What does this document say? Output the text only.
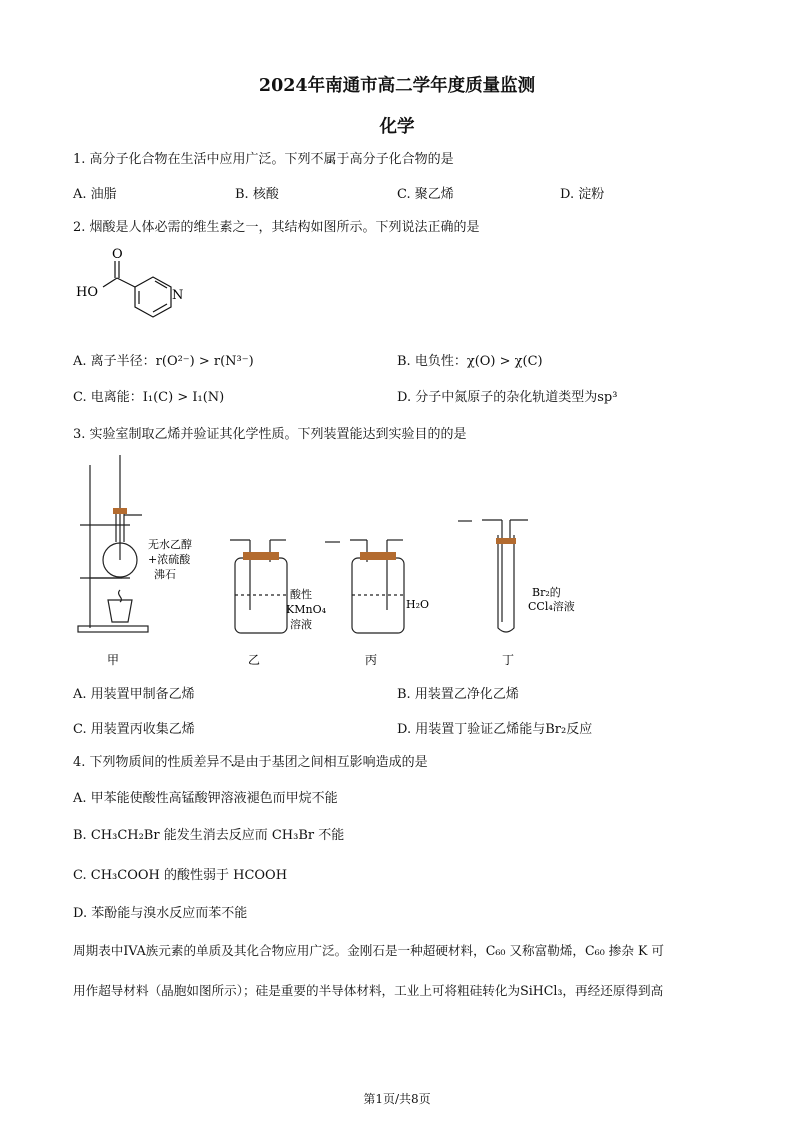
2024年南通市高二学年度质量监测
化学
1. 高分子化合物在生活中应用广泛。下列不属于高分子化合物的是
A. 油脂	B. 核酸	C. 聚乙烯	D. 淀粉
2. 烟酸是人体必需的维生素之一，其结构如图所示。下列说法正确的是
O
HO	N
A. 离子半径：r(O²⁻) > r(N³⁻)	B. 电负性：χ(O) > χ(C)
C. 电离能：I₁(C) > I₁(N)	D. 分子中氮原子的杂化轨道类型为sp³
3. 实验室制取乙烯并验证其化学性质。下列装置能达到实验目的的是
无水乙醇
+浓硫酸
沸石
酸性
KMnO₄
溶液
H₂O
Br₂的
CCl₄溶液
甲	乙	丙	丁
A. 用装置甲制备乙烯	B. 用装置乙净化乙烯
C. 用装置丙收集乙烯	D. 用装置丁验证乙烯能与Br₂反应
4. 下列物质间的性质差异不是由于基团之间相互影响造成的是
A. 甲苯能使酸性高锰酸钾溶液褪色而甲烷不能
B. CH₃CH₂Br 能发生消去反应而 CH₃Br 不能
C. CH₃COOH 的酸性弱于 HCOOH
D. 苯酚能与溴水反应而苯不能
周期表中IVA族元素的单质及其化合物应用广泛。金刚石是一种超硬材料，C₆₀ 又称富勒烯，C₆₀ 掺杂 K 可
用作超导材料（晶胞如图所示）；硅是重要的半导体材料，工业上可将粗硅转化为SiHCl₃，再经还原得到高
第1页/共8页
